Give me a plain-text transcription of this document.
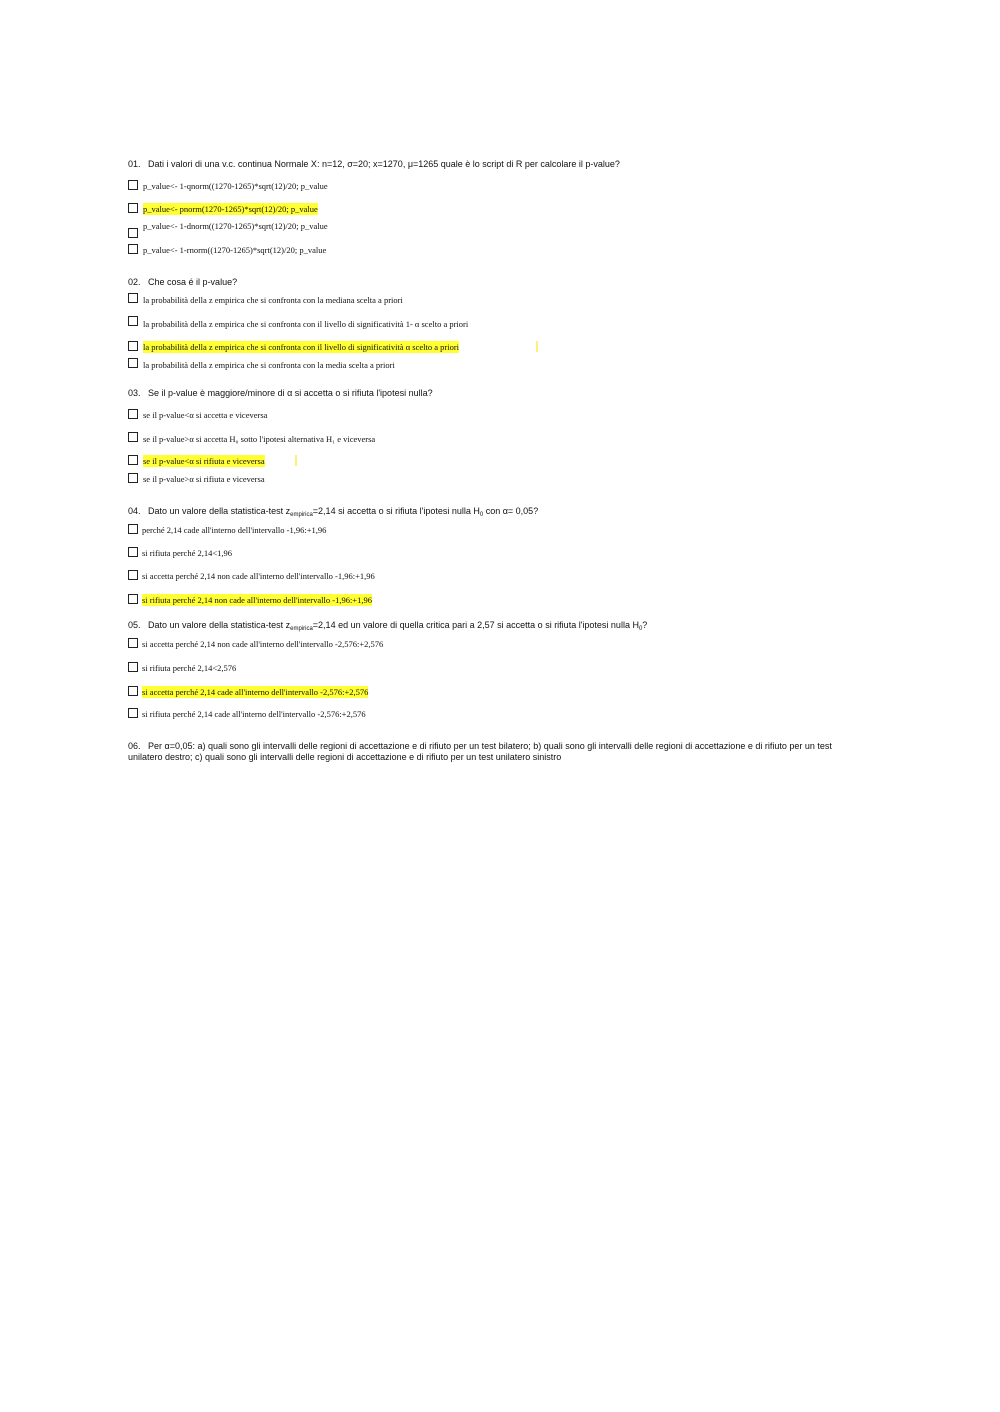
01. Dati i valori di una v.c. continua Normale X: n=12, σ=20; x=1270, μ=1265 quale è lo script di R per calcolare il p-value?
p_value<- 1-qnorm((1270-1265)*sqrt(12)/20; p_value
p_value<- pnorm(1270-1265)*sqrt(12)/20; p_value
p_value<- 1-dnorm((1270-1265)*sqrt(12)/20; p_value
p_value<- 1-rnorm((1270-1265)*sqrt(12)/20; p_value
02. Che cosa é il p-value?
la probabilità della z empirica che si confronta con la mediana scelta a priori
la probabilità della z empirica che si confronta con il livello di significatività 1- α scelto a priori
la probabilità della z empirica che si confronta con il livello di significatività α scelto a priori
la probabilità della z empirica che si confronta con la media scelta a priori
03. Se il p-value è maggiore/minore di α si accetta o si rifiuta l'ipotesi nulla?
se il p-value<α si accetta e viceversa
se il p-value>α si accetta H₀ sotto l'ipotesi alternativa H₁ e viceversa
se il p-value<α si rifiuta e viceversa
se il p-value>α si rifiuta e viceversa
04. Dato un valore della statistica-test $z_{empirica}=2,14$ si accetta o si rifiuta l'ipotesi nulla $H_0$ con α= 0,05?
perché 2,14 cade all'interno dell'intervallo -1,96:+1,96
si rifiuta perché 2,14<1,96
si accetta perché 2,14 non cade all'interno dell'intervallo -1,96:+1,96
si rifiuta perché 2,14 non cade all'interno dell'intervallo -1,96:+1,96
05. Dato un valore della statistica-test $z_{empirica}=2,14$ ed un valore di quella critica pari a 2,57 si accetta o si rifiuta l'ipotesi nulla $H_0$?
si accetta perché 2,14 non cade all'interno dell'intervallo -2,576:+2,576
si rifiuta perché 2,14<2,576
si accetta perché 2,14 cade all'interno dell'intervallo -2,576:+2,576
si rifiuta perché 2,14 cade all'interno dell'intervallo -2,576:+2,576
06. Per α=0,05: a) quali sono gli intervalli delle regioni di accettazione e di rifiuto per un test bilatero; b) quali sono gli intervalli delle regioni di accettazione e di rifiuto per un test unilatero destro; c) quali sono gli intervalli delle regioni di accettazione e di rifiuto per un test unilatero sinistro
